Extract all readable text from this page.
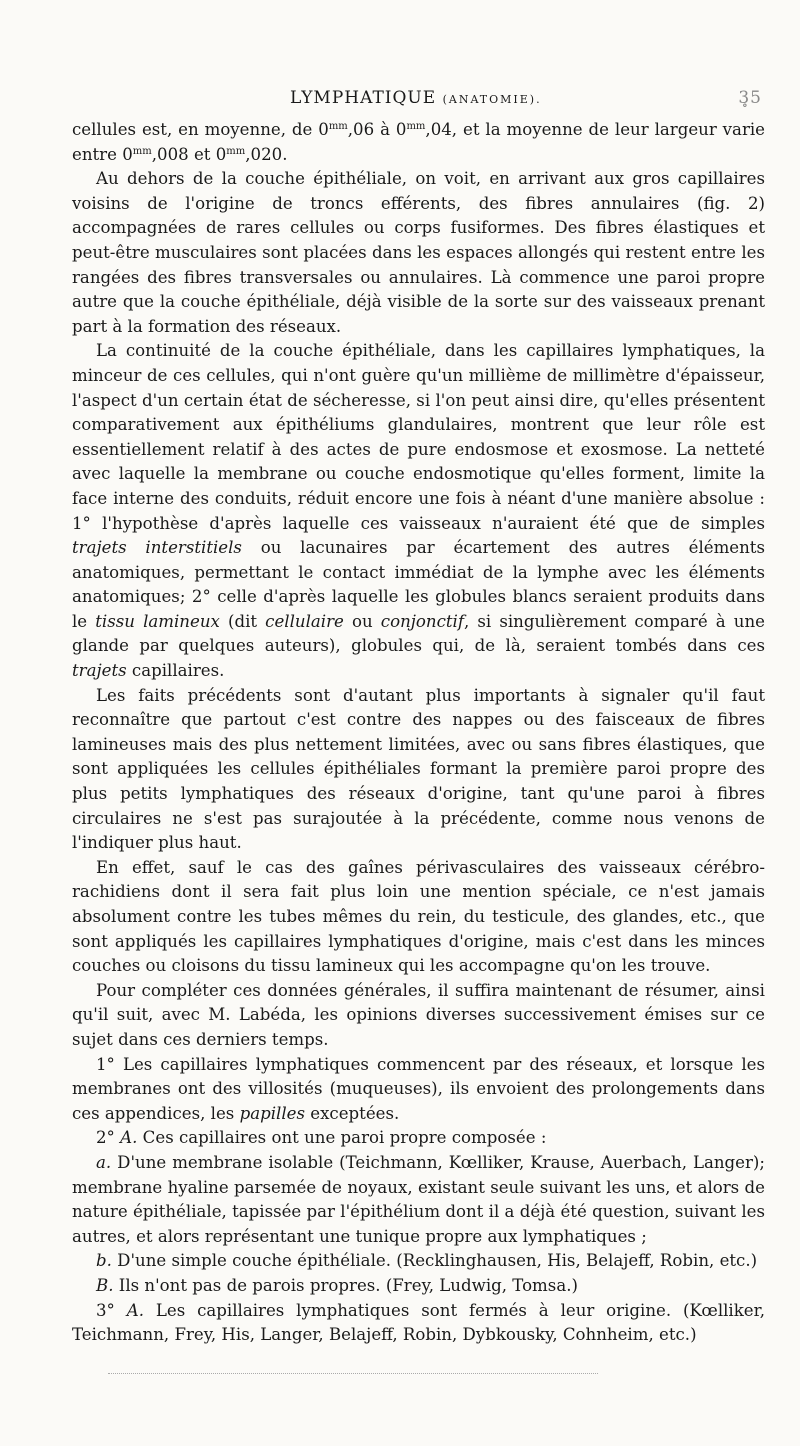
LYMPHATIQUE (ANATOMIE).	3̥5

cellules est, en moyenne, de $0^{mm},06$ à $0^{mm},04$, et la moyenne de leur largeur varie entre $0^{mm},008$ et $0^{mm},020$.

Au dehors de la couche épithéliale, on voit, en arrivant aux gros capillaires voisins de l'origine de troncs efférents, des fibres annulaires (fig. 2) accompagnées de rares cellules ou corps fusiformes. Des fibres élastiques et peut-être musculaires sont placées dans les espaces allongés qui restent entre les rangées des fibres transversales ou annulaires. Là commence une paroi propre autre que la couche épithéliale, déjà visible de la sorte sur des vaisseaux prenant part à la formation des réseaux.

La continuité de la couche épithéliale, dans les capillaires lymphatiques, la minceur de ces cellules, qui n'ont guère qu'un millième de millimètre d'épaisseur, l'aspect d'un certain état de sécheresse, si l'on peut ainsi dire, qu'elles présentent comparativement aux épithéliums glandulaires, montrent que leur rôle est essentiellement relatif à des actes de pure endosmose et exosmose. La netteté avec laquelle la membrane ou couche endosmotique qu'elles forment, limite la face interne des conduits, réduit encore une fois à néant d'une manière absolue : 1° l'hypothèse d'après laquelle ces vaisseaux n'auraient été que de simples trajets interstitiels ou lacunaires par écartement des autres éléments anatomiques, permettant le contact immédiat de la lymphe avec les éléments anatomiques; 2° celle d'après laquelle les globules blancs seraient produits dans le tissu lamineux (dit cellulaire ou conjonctif, si singulièrement comparé à une glande par quelques auteurs), globules qui, de là, seraient tombés dans ces trajets capillaires.

Les faits précédents sont d'autant plus importants à signaler qu'il faut reconnaître que partout c'est contre des nappes ou des faisceaux de fibres lamineuses mais des plus nettement limitées, avec ou sans fibres élastiques, que sont appliquées les cellules épithéliales formant la première paroi propre des plus petits lymphatiques des réseaux d'origine, tant qu'une paroi à fibres circulaires ne s'est pas surajoutée à la précédente, comme nous venons de l'indiquer plus haut.

En effet, sauf le cas des gaînes périvasculaires des vaisseaux cérébro-rachidiens dont il sera fait plus loin une mention spéciale, ce n'est jamais absolument contre les tubes mêmes du rein, du testicule, des glandes, etc., que sont appliqués les capillaires lymphatiques d'origine, mais c'est dans les minces couches ou cloisons du tissu lamineux qui les accompagne qu'on les trouve.

Pour compléter ces données générales, il suffira maintenant de résumer, ainsi qu'il suit, avec M. Labéda, les opinions diverses successivement émises sur ce sujet dans ces derniers temps.

1° Les capillaires lymphatiques commencent par des réseaux, et lorsque les membranes ont des villosités (muqueuses), ils envoient des prolongements dans ces appendices, les papilles exceptées.

2° A. Ces capillaires ont une paroi propre composée :

a. D'une membrane isolable (Teichmann, Kœlliker, Krause, Auerbach, Langer); membrane hyaline parsemée de noyaux, existant seule suivant les uns, et alors de nature épithéliale, tapissée par l'épithélium dont il a déjà été question, suivant les autres, et alors représentant une tunique propre aux lymphatiques ;

b. D'une simple couche épithéliale. (Recklinghausen, His, Belajeff, Robin, etc.)

B. Ils n'ont pas de parois propres. (Frey, Ludwig, Tomsa.)

3° A. Les capillaires lymphatiques sont fermés à leur origine. (Kœlliker, Teichmann, Frey, His, Langer, Belajeff, Robin, Dybkousky, Cohnheim, etc.)
